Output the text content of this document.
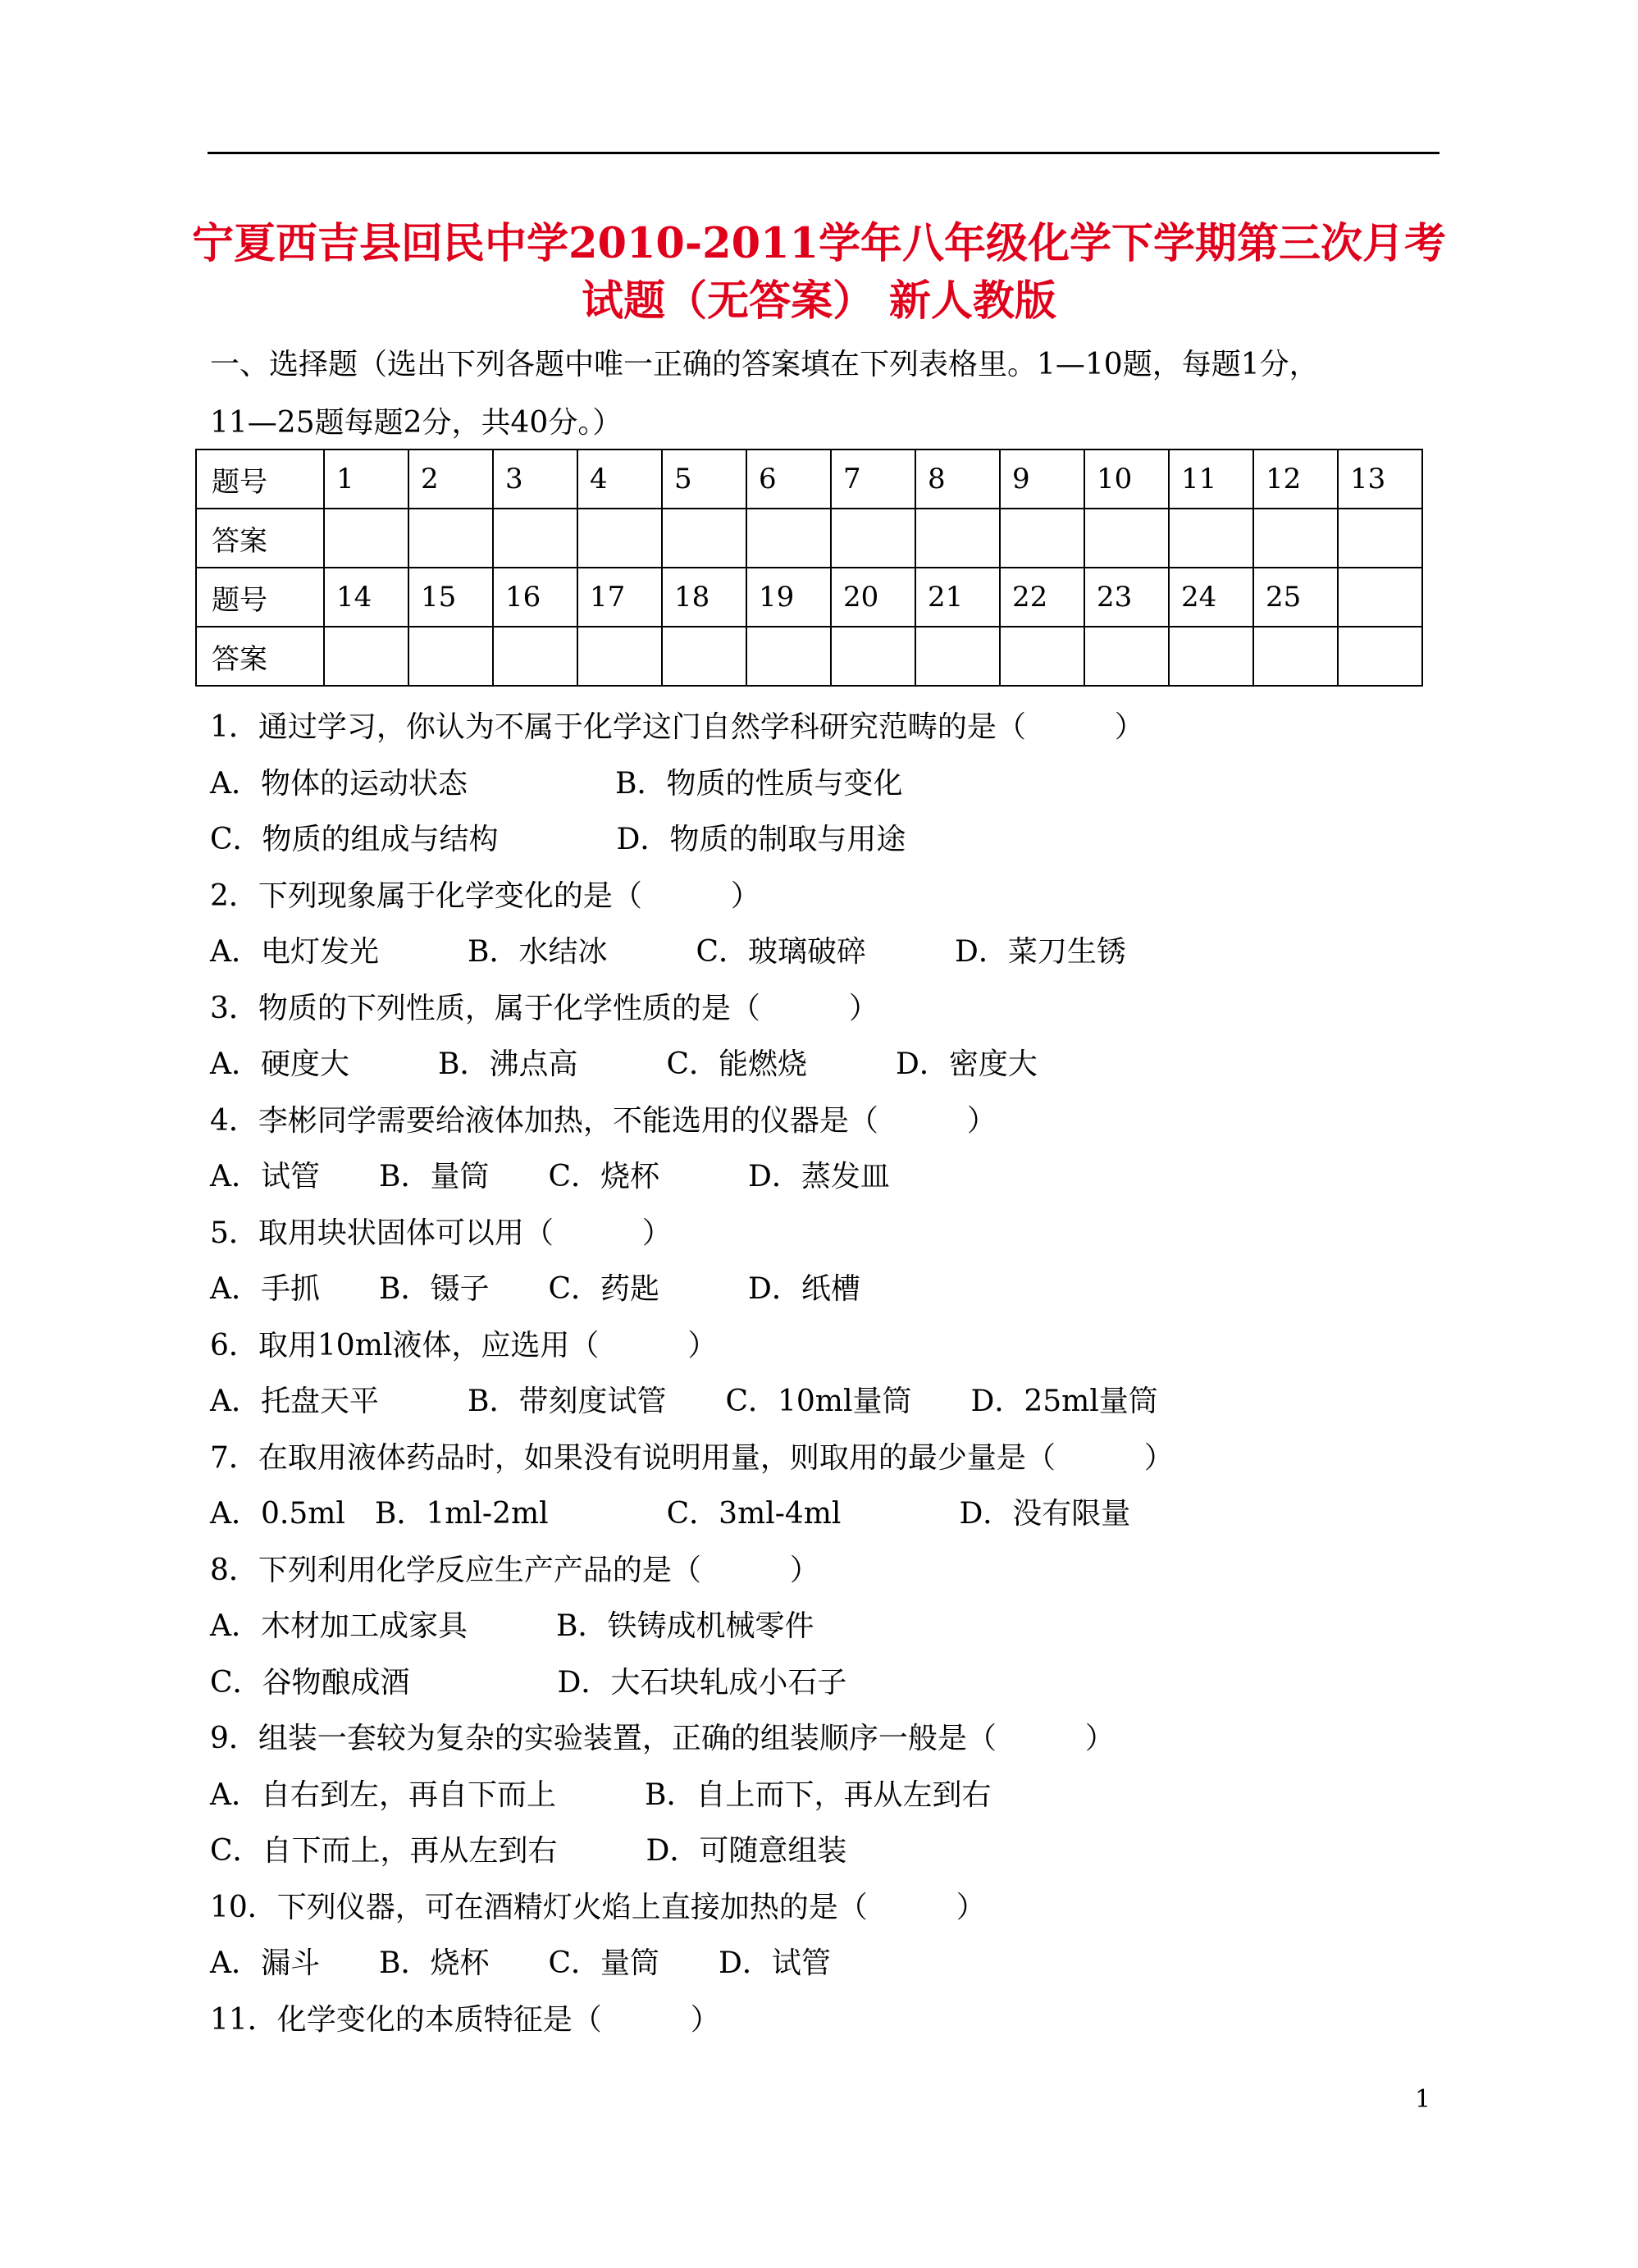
宁夏西吉县回民中学2010-2011学年八年级化学下学期第三次月考
试题（无答案） 新人教版
一、选择题（选出下列各题中唯一正确的答案填在下列表格里。1—10题，每题1分，
11—25题每题2分，共40分。）
题号	1	2	3	4	5	6	7	8	9	10	11	12	13
答案													
题号	14	15	16	17	18	19	20	21	22	23	24	25	
答案													
1．通过学习，你认为不属于化学这门自然学科研究范畴的是（　　　）
A．物体的运动状态　　　　　B．物质的性质与变化
C．物质的组成与结构　　　　D．物质的制取与用途
2．下列现象属于化学变化的是（　　　）
A．电灯发光　　　B．水结冰　　　C．玻璃破碎　　　D．菜刀生锈
3．物质的下列性质，属于化学性质的是（　　　）
A．硬度大　　　B．沸点高　　　C．能燃烧　　　D．密度大
4．李彬同学需要给液体加热，不能选用的仪器是（　　　）
A．试管　　B．量筒　　C．烧杯　　　D．蒸发皿
5．取用块状固体可以用（　　　）
A．手抓　　B．镊子　　C．药匙　　　D．纸槽
6．取用10ml液体，应选用（　　　）
A．托盘天平　　　B．带刻度试管　　C．10ml量筒　　D．25ml量筒
7．在取用液体药品时，如果没有说明用量，则取用的最少量是（　　　）
A．0.5ml　B．1ml-2ml　　　　C．3ml-4ml　　　　D．没有限量
8．下列利用化学反应生产产品的是（　　　）
A．木材加工成家具　　　B．铁铸成机械零件
C．谷物酿成酒　　　　　D．大石块轧成小石子
9．组装一套较为复杂的实验装置，正确的组装顺序一般是（　　　）
A．自右到左，再自下而上　　　B．自上而下，再从左到右
C．自下而上，再从左到右　　　D．可随意组装
10．下列仪器，可在酒精灯火焰上直接加热的是（　　　）
A．漏斗　　B．烧杯　　C．量筒　　D．试管
11．化学变化的本质特征是（　　　）
1
